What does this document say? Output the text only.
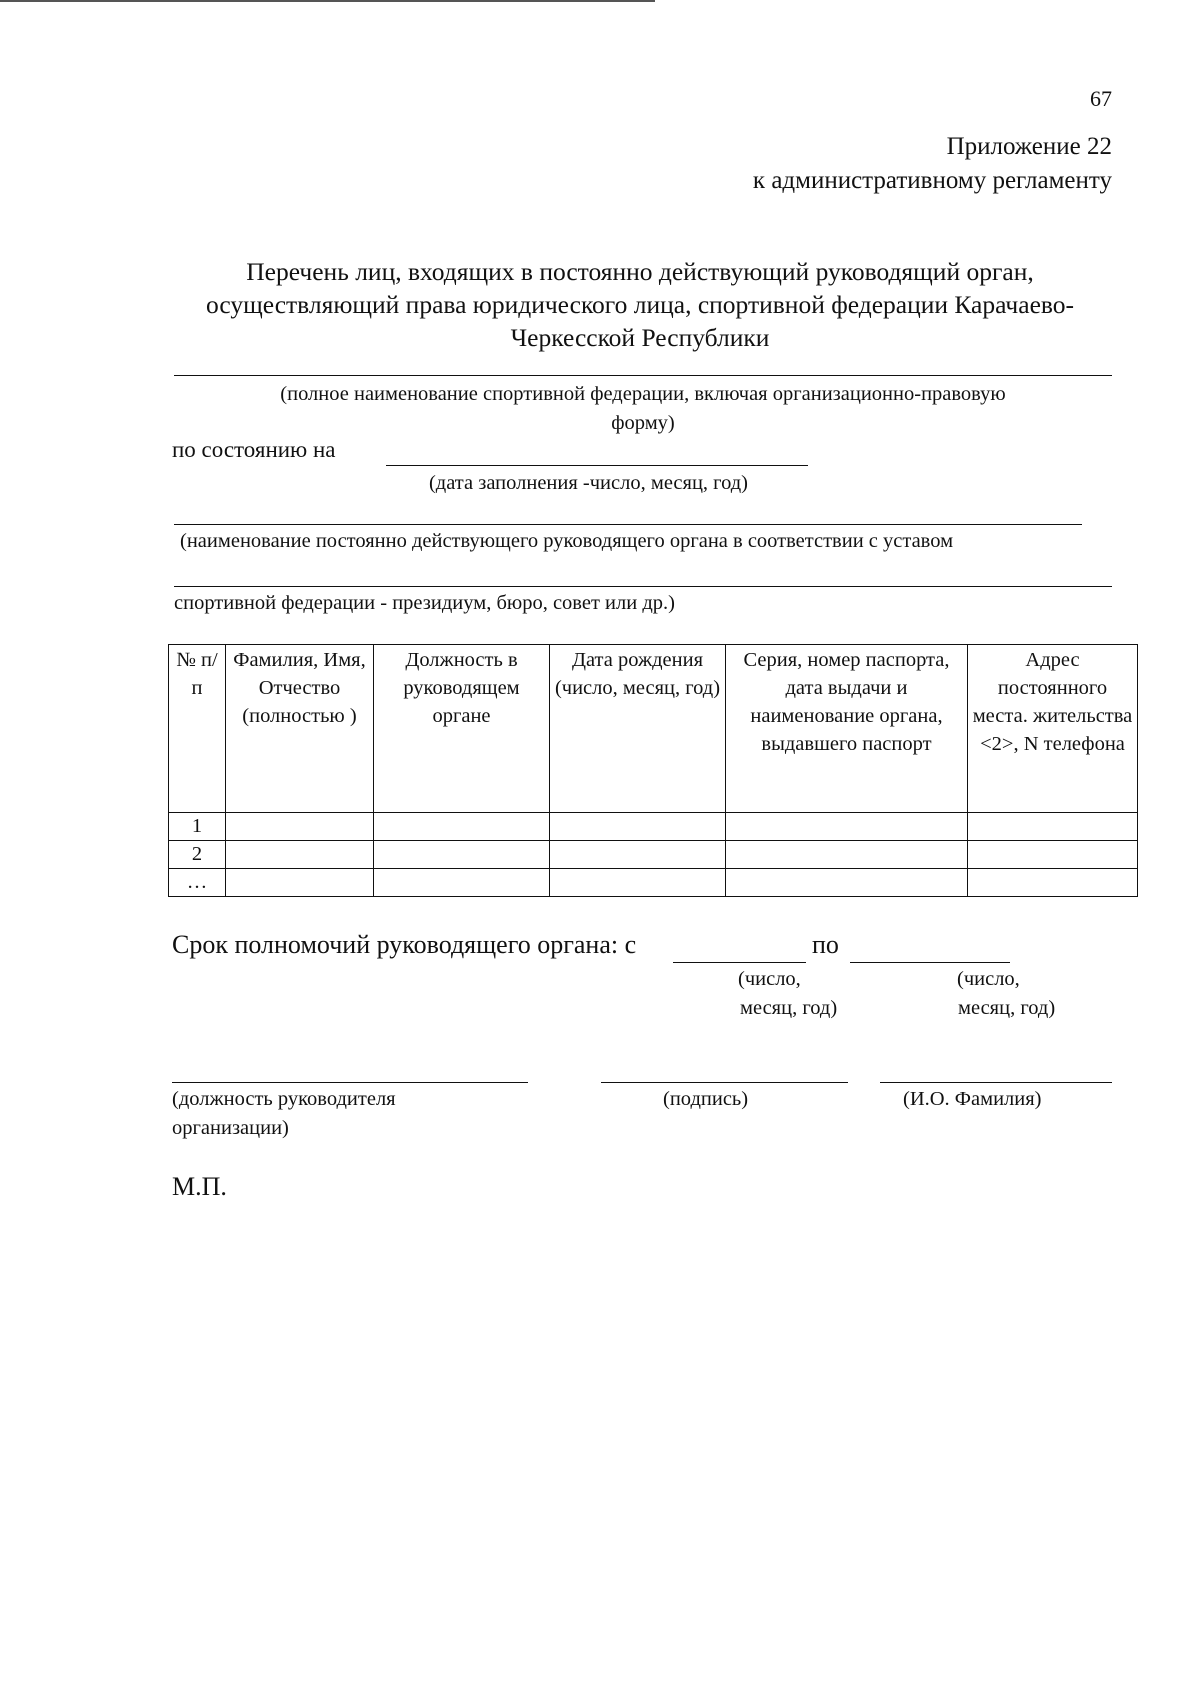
67
Приложение 22
к административному регламенту
Перечень лиц, входящих в постоянно действующий руководящий орган,
осуществляющий права юридического лица, спортивной федерации Карачаево-
Черкесской Республики
(полное наименование спортивной федерации, включая организационно-правовую
форму)
по состоянию на
(дата заполнения -число, месяц, год)
(наименование постоянно действующего руководящего органа в соответствии с уставом
спортивной федерации - президиум, бюро, совет или др.)
№ п/п	Фамилия, Имя, Отчество (полностью )	Должность в руководящем органе	Дата рождения (число, месяц, год)	Серия, номер паспорта, дата выдачи и наименование органа, выдавшего паспорт	Адрес постоянного места. жительства <2>, N телефона
1					
2					
…					
Срок полномочий руководящего органа: с	по
(число,
месяц, год)
(число,
месяц, год)
(должность руководителя
организации)
(подпись)	(И.О. Фамилия)
М.П.
